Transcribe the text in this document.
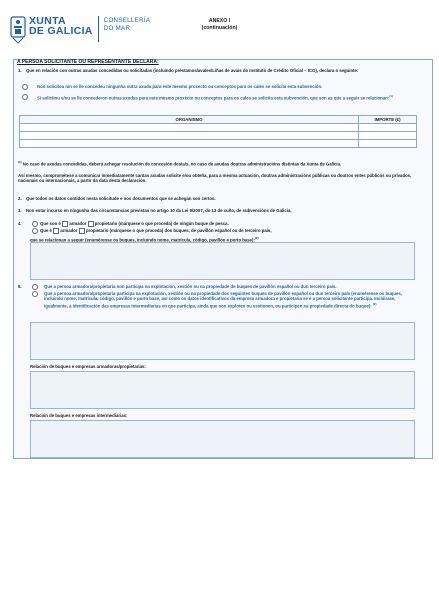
XUNTA
DE GALICIA
CONSELLERÍA
DO MAR
ANEXO I
(continuación)
A PERSOA SOLICITANTE OU REPRESENTANTE DECLARA:
1. Que en relación con outras axudas concedidas ou solicitadas (incluindo préstamos/avales/Liñas de avais do Instituto de Crédito Oficial – ICO), declara o seguinte:
Non solicitou nin se lle concedeu ningunha outra axuda para este mesmo proxecto ou conceptos para os cales se solicita esta subvención.
Si solicitou e/ou se lle concederon outras axudas para este mesmo proxecto ou conceptos para os cales se solicita esta subvención, que son as que a seguir se relacionan:$^{(1)}$
ORGANISMO	IMPORTE (€)

$^{(1)}$ No caso de axudas concedidas, deberá achegar resolución de concesión desta/s, no caso de axudas doutras administracións distintas da Xunta de Galicia.
Así mesmo, comprométese a comunicar inmediatamente cantas axudas solicite e/ou obteña, para a mesma actuación, doutras administracións públicas ou doutros entes públicos ou privados, nacionais ou internacionais, a partir da data desta declaración.
2. Que todos os datos contidos nesta solicitude e nos documentos que se achegan son certos.
3. Non estar incurso en ningunha das circunstancias previstas no artigo 10 da Lei 9/2007, do 13 de xuño, de subvencións de Galicia.
4.	Que son é armador propietario (márquese o que proceda) de ningún buque de pesca.
Que é armador propietario (márquese o que proceda) dos buques, de pavillón español ou de terceiro país,
que se relacionan a seguir (enumérense os buques, incluindo nome, matrícula, código, pavillón e porto base):$^{(2)}$
5.	Que a persoa armadora/propietaria non participa na explotación, xestión ou na propiedade de buques de pavillón español ou dun terceiro país.
Que a persoa armadora/propietaria participa na explotación, xestión ou na propiedade dos seguintes buques de pavillón español ou dun terceiro país (enumérense os buques, incluindo nome, matrícula, código, pavillón e porto base, así como os datos identificativos da empresa armadora e propietaria se é a persoa solicitante participa. Inclúirase, igualmente, a identificación das empresas intermediarias en que participa, ainda que non exploten ou xestionen, ou participen na propiedade directa do buque): $^{(2)}$
Relación de buques e empresas armadoras/propietarias:
Relación de buques e empresas intermediarias:
